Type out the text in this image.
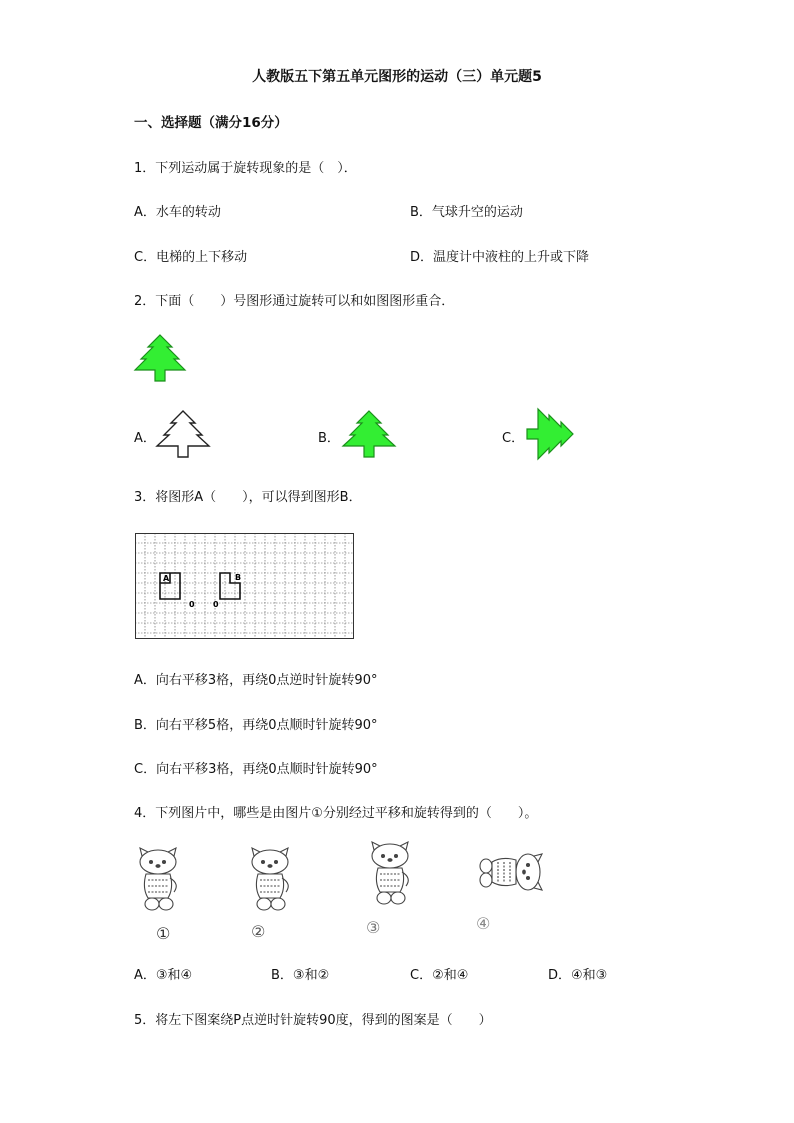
人教版五下第五单元图形的运动（三）单元题5
一、选择题（满分16分）
1．下列运动属于旋转现象的是（　）．
A．水车的转动	B．气球升空的运动
C．电梯的上下移动	D．温度计中液柱的上升或下降
2．下面（　　）号图形通过旋转可以和如图图形重合．
A．	B．	C．
3．将图形A（　　），可以得到图形B．
A	B
0 0
A．向右平移3格，再绕0点逆时针旋转90°
B．向右平移5格，再绕0点顺时针旋转90°
C．向右平移3格，再绕0点顺时针旋转90°
4．下列图片中，哪些是由图片①分别经过平移和旋转得到的（　　）。
①	②	③	④
A．③和④	B．③和②	C．②和④	D．④和③
5．将左下图案绕P点逆时针旋转90度，得到的图案是（　　）
